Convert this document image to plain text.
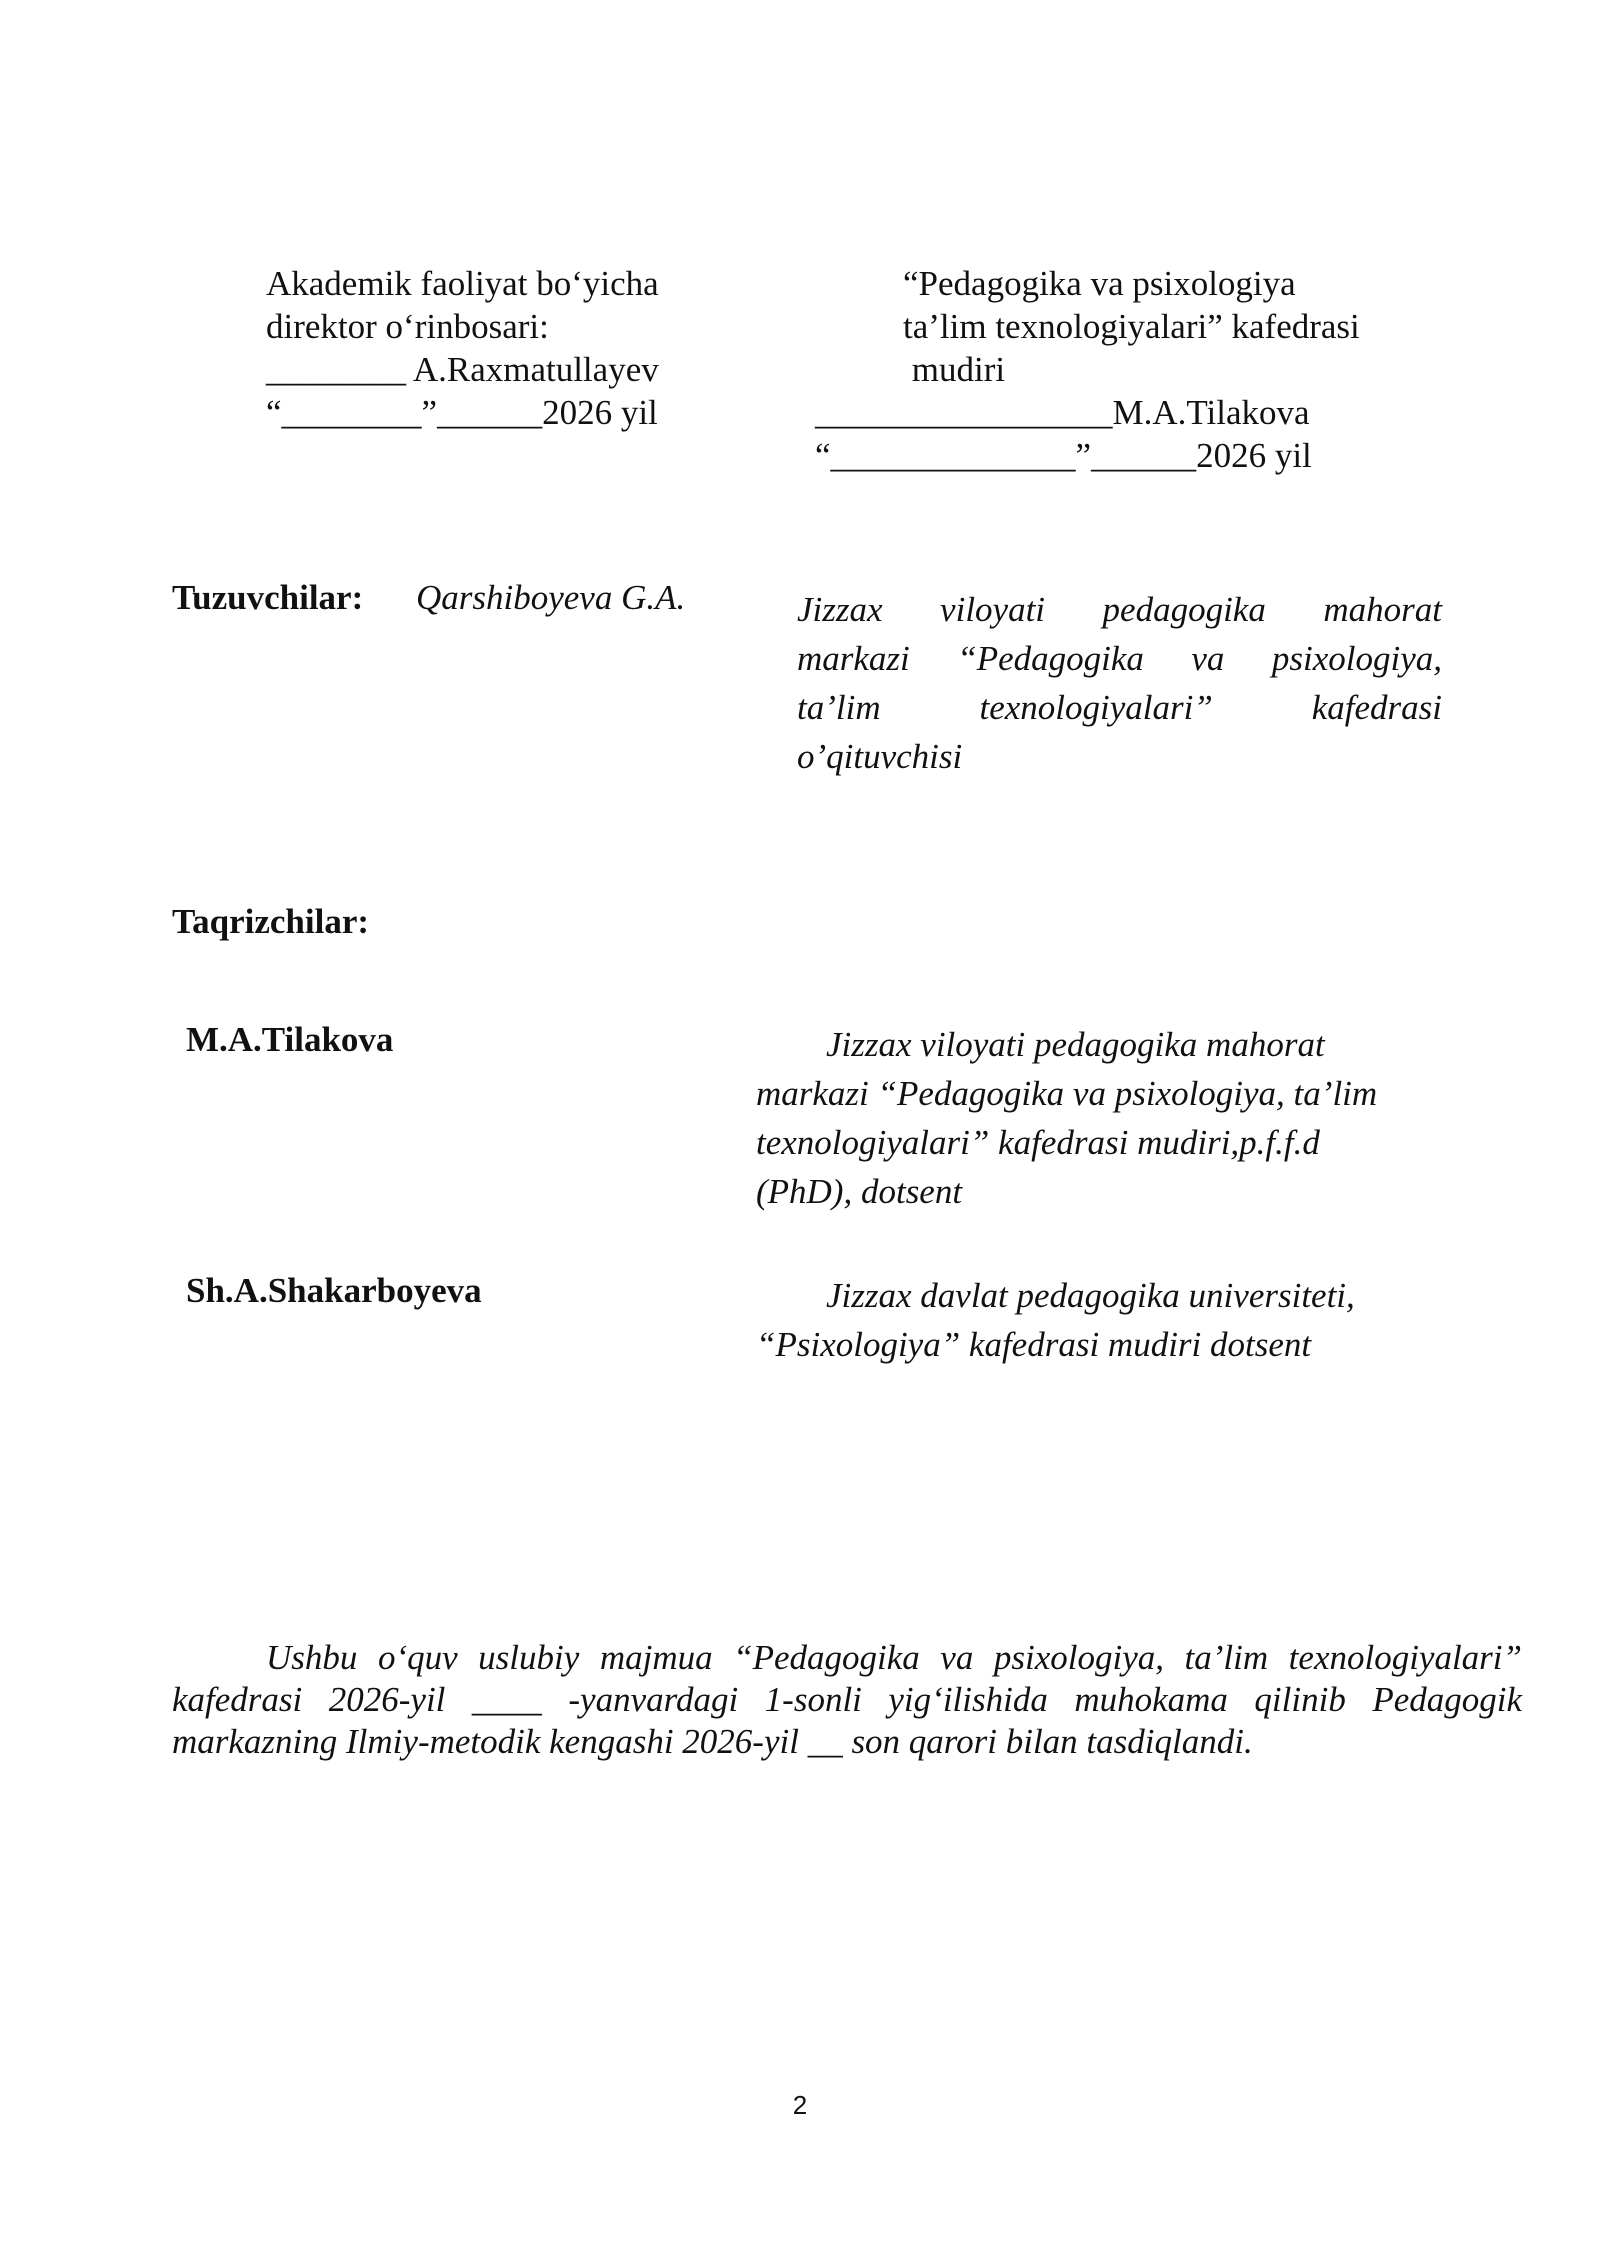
Akademik faoliyat bo‘yicha
direktor o‘rinbosari:
________ A.Raxmatullayev
“________”______2026 yil
“Pedagogika va psixologiya
ta’lim texnologiyalari” kafedrasi
mudiri
_________________M.A.Tilakova
“______________”______2026 yil
Tuzuvchilar: Qarshiboyeva G.A.	Jizzax viloyati pedagogika mahorat
markazi “Pedagogika va psixologiya,
ta’lim texnologiyalari” kafedrasi
o’qituvchisi
Taqrizchilar:
M.A.Tilakova	Jizzax viloyati pedagogika mahorat
markazi “Pedagogika va psixologiya, ta’lim
texnologiyalari” kafedrasi mudiri,p.f.f.d
(PhD), dotsent
Sh.A.Shakarboyeva	Jizzax davlat pedagogika universiteti,
“Psixologiya” kafedrasi mudiri dotsent
Ushbu o‘quv uslubiy majmua “Pedagogika va psixologiya, ta’lim texnologiyalari”
kafedrasi 2026-yil ____ -yanvardagi 1-sonli yig‘ilishida muhokama qilinib Pedagogik
markazning Ilmiy-metodik kengashi 2026-yil __ son qarori bilan tasdiqlandi.
2
